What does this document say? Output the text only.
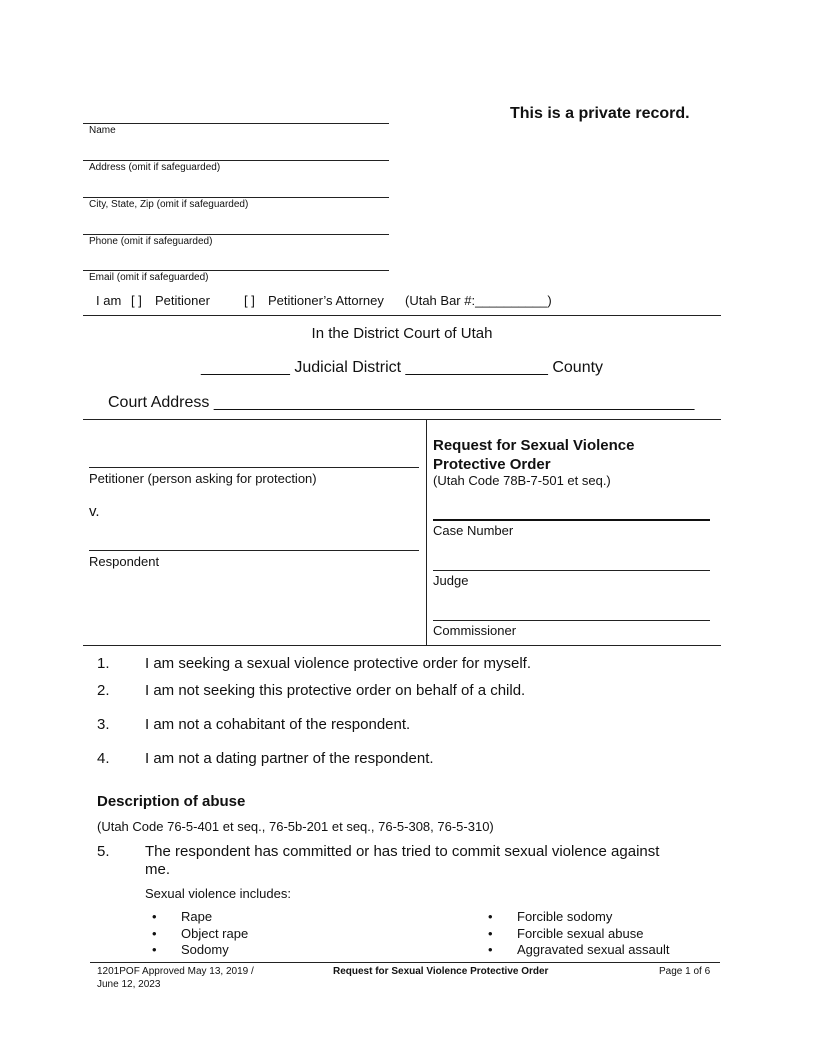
This is a private record.
Name
Address (omit if safeguarded)
City, State, Zip (omit if safeguarded)
Phone (omit if safeguarded)
Email (omit if safeguarded)
I am [ ] Petitioner	[ ] Petitioner’s Attorney (Utah Bar #:__________)
In the District Court of Utah
__________ Judicial District ________________ County
Court Address ______________________________________________________
Petitioner (person asking for protection)
v.
Respondent
Request for Sexual Violence
Protective Order
(Utah Code 78B-7-501 et seq.)
Case Number
Judge
Commissioner
1. I am seeking a sexual violence protective order for myself.
2. I am not seeking this protective order on behalf of a child.
3. I am not a cohabitant of the respondent.
4. I am not a dating partner of the respondent.
Description of abuse
(Utah Code 76-5-401 et seq., 76-5b-201 et seq., 76-5-308, 76-5-310)
5. The respondent has committed or has tried to commit sexual violence against
me.
Sexual violence includes:
• Rape
• Object rape
• Sodomy
• Forcible sodomy
• Forcible sexual abuse
• Aggravated sexual assault
1201POF Approved May 13, 2019 /
June 12, 2023
Request for Sexual Violence Protective Order	Page 1 of 6
